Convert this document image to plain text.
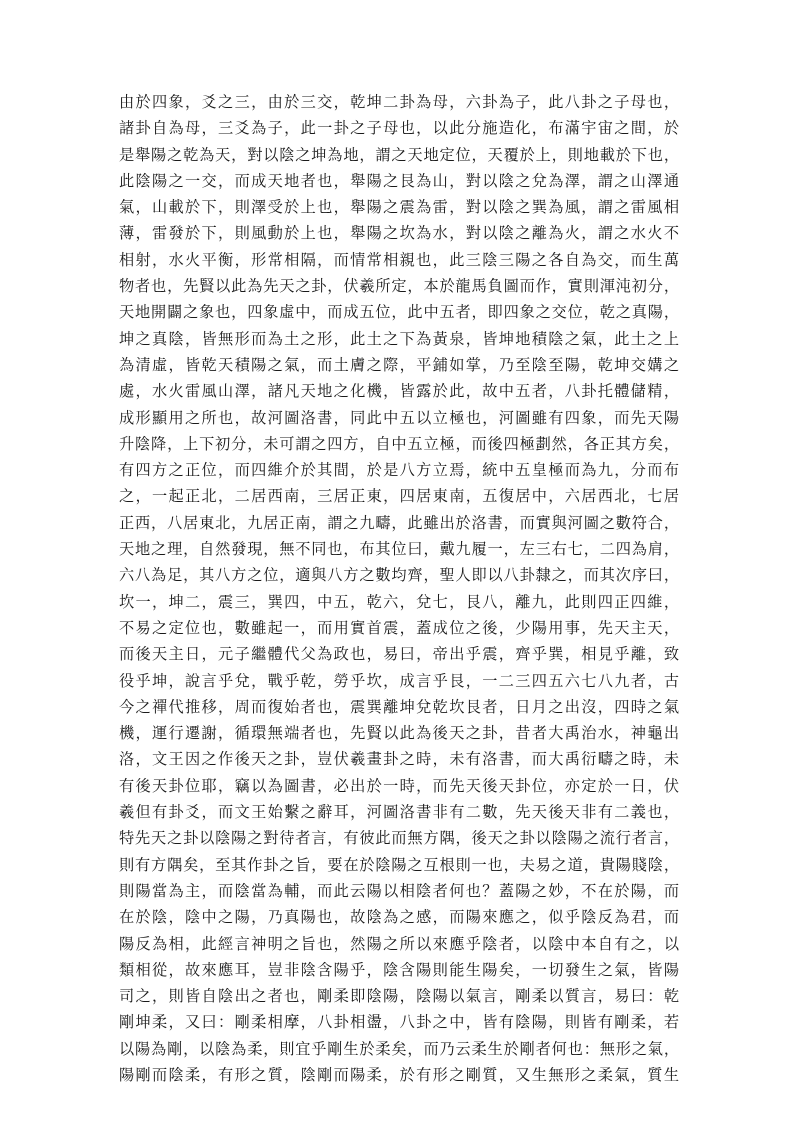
由於四象，爻之三，由於三交，乾坤二卦為母，六卦為子，此八卦之子母也，
諸卦自為母，三爻為子，此一卦之子母也，以此分施造化，布滿宇宙之間，於
是舉陽之乾為天，對以陰之坤為地，謂之天地定位，天覆於上，則地載於下也，
此陰陽之一交，而成天地者也，舉陽之艮為山，對以陰之兌為澤，謂之山澤通
氣，山載於下，則澤受於上也，舉陽之震為雷，對以陰之巽為風，謂之雷風相
薄，雷發於下，則風動於上也，舉陽之坎為水，對以陰之離為火，謂之水火不
相射，水火平衡，形常相隔，而情常相親也，此三陰三陽之各自為交，而生萬
物者也，先賢以此為先天之卦，伏羲所定，本於龍馬負圖而作，實則渾沌初分，
天地開闢之象也，四象虛中，而成五位，此中五者，即四象之交位，乾之真陽，
坤之真陰，皆無形而為土之形，此土之下為黃泉，皆坤地積陰之氣，此土之上
為清虛，皆乾天積陽之氣，而土膚之際，平鋪如掌，乃至陰至陽，乾坤交媾之
處，水火雷風山澤，諸凡天地之化機，皆露於此，故中五者，八卦托體儲精，
成形顯用之所也，故河圖洛書，同此中五以立極也，河圖雖有四象，而先天陽
升陰降，上下初分，未可謂之四方，自中五立極，而後四極劃然，各正其方矣，
有四方之正位，而四維介於其間，於是八方立焉，統中五皇極而為九，分而布
之，一起正北，二居西南，三居正東，四居東南，五復居中，六居西北，七居
正西，八居東北，九居正南，謂之九疇，此雖出於洛書，而實與河圖之數符合，
天地之理，自然發現，無不同也，布其位曰，戴九履一，左三右七，二四為肩，
六八為足，其八方之位，適與八方之數均齊，聖人即以八卦隸之，而其次序曰，
坎一，坤二，震三，巽四，中五，乾六，兌七，艮八，離九，此則四正四維，
不易之定位也，數雖起一，而用實首震，蓋成位之後，少陽用事，先天主天，
而後天主日，元子繼體代父為政也，易曰，帝出乎震，齊乎巽，相見乎離，致
役乎坤，說言乎兌，戰乎乾，勞乎坎，成言乎艮，一二三四五六七八九者，古
今之禪代推移，周而復始者也，震巽離坤兌乾坎艮者，日月之出沒，四時之氣
機，運行遷謝，循環無端者也，先賢以此為後天之卦，昔者大禹治水，神龜出
洛，文王因之作後天之卦，豈伏羲畫卦之時，未有洛書，而大禹衍疇之時，未
有後天卦位耶，竊以為圖書，必出於一時，而先天後天卦位，亦定於一日，伏
羲但有卦爻，而文王始繫之辭耳，河圖洛書非有二數，先天後天非有二義也，
特先天之卦以陰陽之對待者言，有彼此而無方隅，後天之卦以陰陽之流行者言，
則有方隅矣，至其作卦之旨，要在於陰陽之互根則一也，夫易之道，貴陽賤陰，
則陽當為主，而陰當為輔，而此云陽以相陰者何也？蓋陽之妙，不在於陽，而
在於陰，陰中之陽，乃真陽也，故陰為之感，而陽來應之，似乎陰反為君，而
陽反為相，此經言神明之旨也，然陽之所以來應乎陰者，以陰中本自有之，以
類相從，故來應耳，豈非陰含陽乎，陰含陽則能生陽矣，一切發生之氣，皆陽
司之，則皆自陰出之者也，剛柔即陰陽，陰陽以氣言，剛柔以質言，易曰：乾
剛坤柔，又曰：剛柔相摩，八卦相盪，八卦之中，皆有陰陽，則皆有剛柔，若
以陽為剛，以陰為柔，則宜乎剛生於柔矣，而乃云柔生於剛者何也：無形之氣，
陽剛而陰柔，有形之質，陰剛而陽柔，於有形之剛質，又生無形之柔氣，質生
